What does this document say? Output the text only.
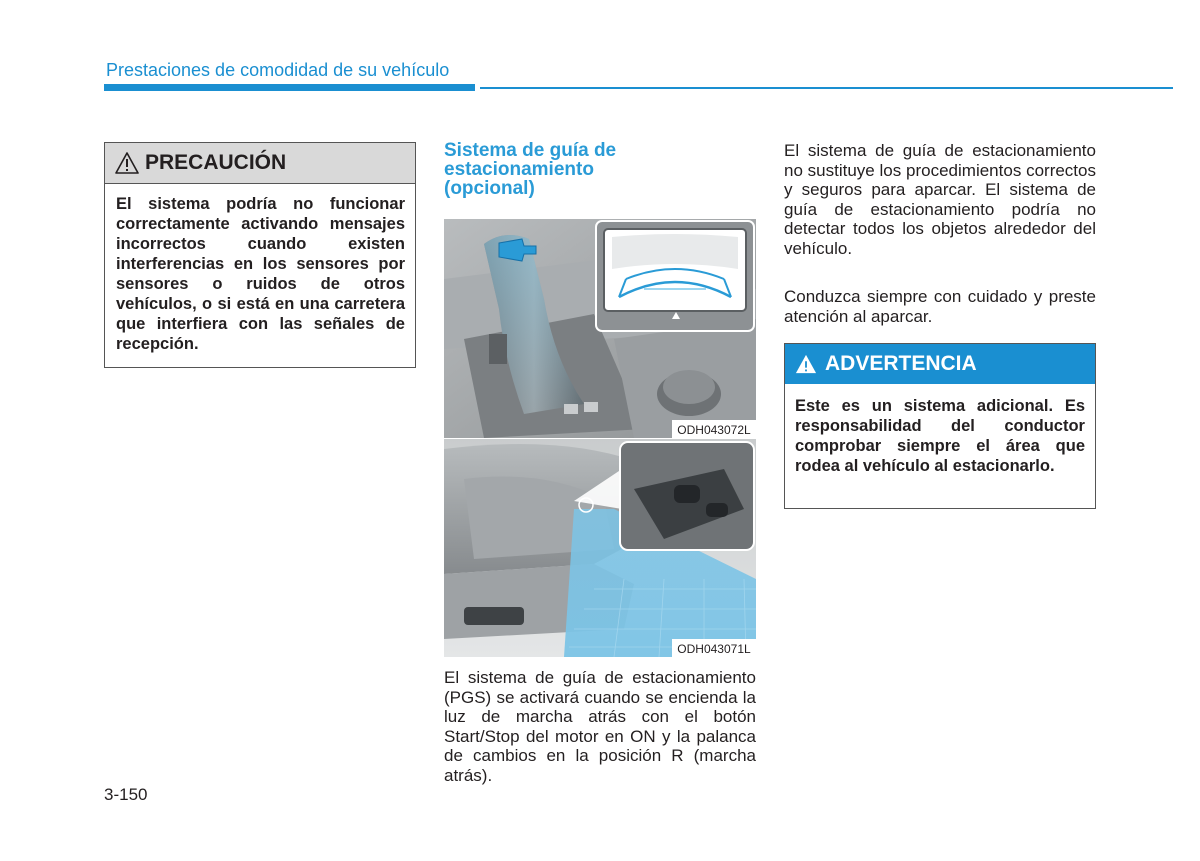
Prestaciones de comodidad de su vehículo
PRECAUCIÓN
El sistema podría no funcionar correctamente activando mensajes incorrectos cuando	existen interferencias en los sensores por sensores o ruidos de otros vehículos, o si está en una carretera que interfiera con las señales de recepción.
Sistema de guía de
estacionamiento
(opcional)
ODH043072L
ODH043071L
El sistema de guía de estacionamiento (PGS) se activará cuando se encienda la luz de marcha atrás con el botón Start/Stop del motor en ON y la palanca de cambios en la posición R (marcha atrás).
El sistema de guía de estacionamiento no sustituye los procedimientos correctos y seguros para aparcar. El sistema de guía de estacionamiento podría no detectar todos los objetos alrededor del vehículo.
Conduzca siempre con cuidado y preste atención al aparcar.
ADVERTENCIA
Este es un sistema adicional. Es responsabilidad del conductor comprobar siempre el área que rodea al vehículo al estacionarlo.
3-150
